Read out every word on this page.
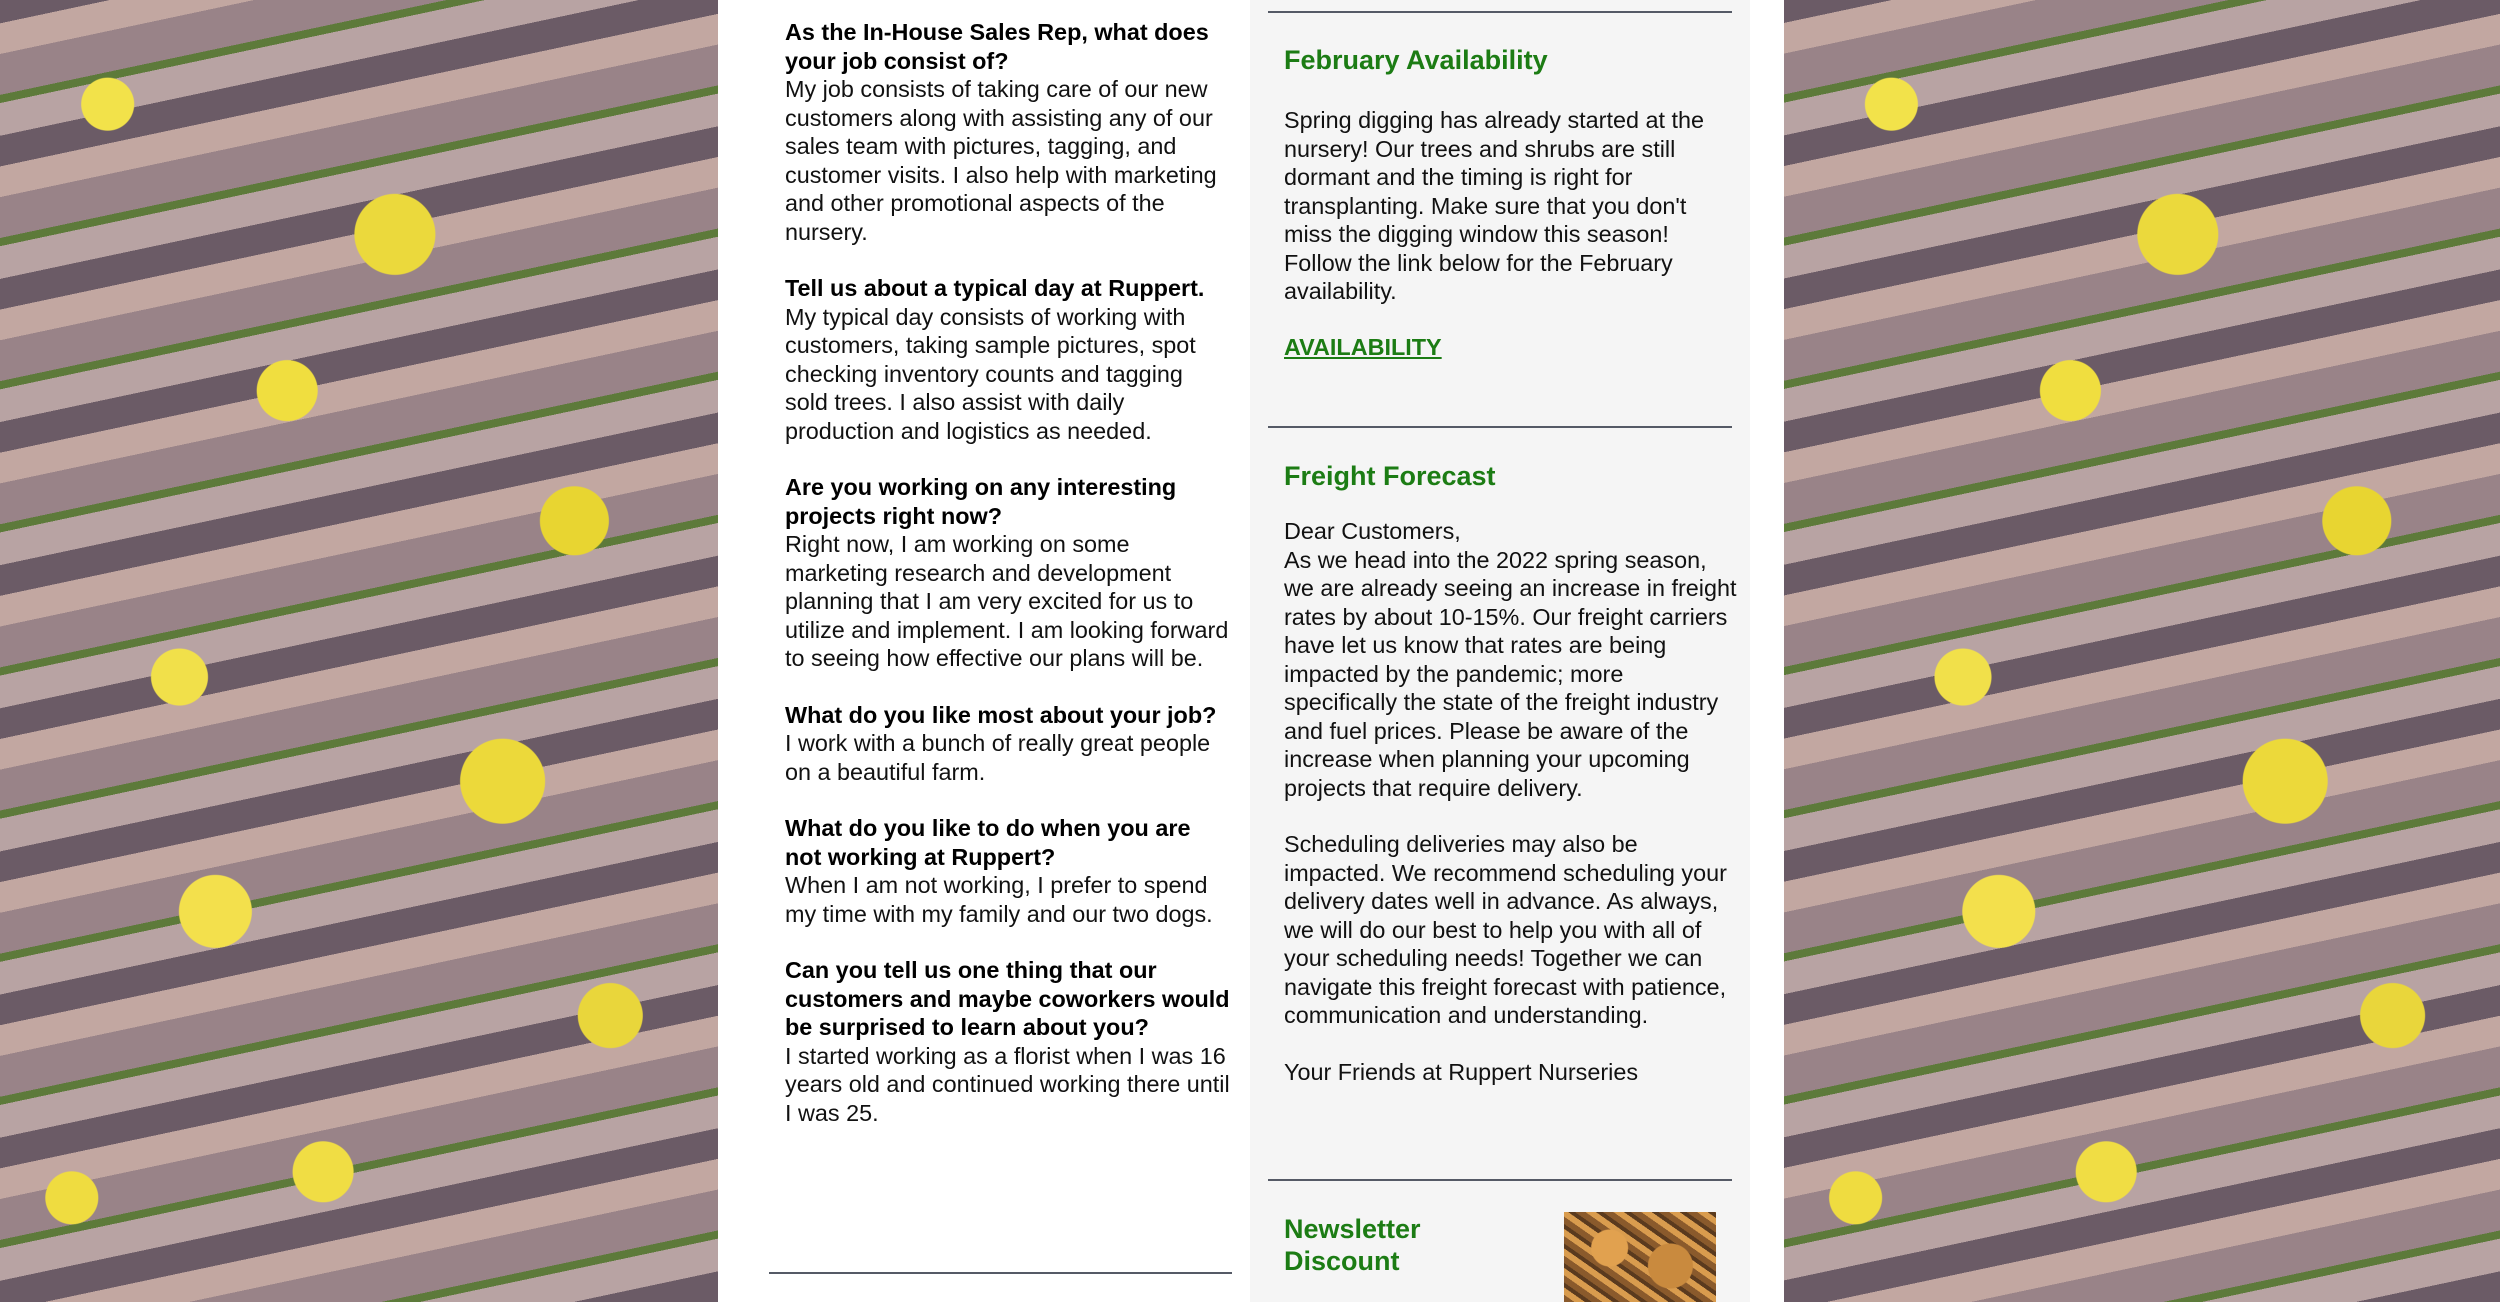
As the In-House Sales Rep, what does your job consist of?
My job consists of taking care of our new customers along with assisting any of our sales team with pictures, tagging, and customer visits. I also help with marketing and other promotional aspects of the nursery.
Tell us about a typical day at Ruppert.
My typical day consists of working with customers, taking sample pictures, spot checking inventory counts and tagging sold trees. I also assist with daily production and logistics as needed.
Are you working on any interesting projects right now?
Right now, I am working on some marketing research and development planning that I am very excited for us to utilize and implement. I am looking forward to seeing how effective our plans will be.
What do you like most about your job?
I work with a bunch of really great people on a beautiful farm.
What do you like to do when you are not working at Ruppert?
When I am not working, I prefer to spend my time with my family and our two dogs.
Can you tell us one thing that our customers and maybe coworkers would be surprised to learn about you?
I started working as a florist when I was 16 years old and continued working there until I was 25.
February Availability
Spring digging has already started at the nursery! Our trees and shrubs are still dormant and the timing is right for transplanting. Make sure that you don't miss the digging window this season! Follow the link below for the February availability.
AVAILABILITY
Freight Forecast
Dear Customers,
As we head into the 2022 spring season, we are already seeing an increase in freight rates by about 10-15%. Our freight carriers have let us know that rates are being impacted by the pandemic; more specifically the state of the freight industry and fuel prices. Please be aware of the increase when planning your upcoming projects that require delivery.
Scheduling deliveries may also be impacted. We recommend scheduling your delivery dates well in advance. As always, we will do our best to help you with all of your scheduling needs! Together we can navigate this freight forecast with patience, communication and understanding.
Your Friends at Ruppert Nurseries
Newsletter Discount
